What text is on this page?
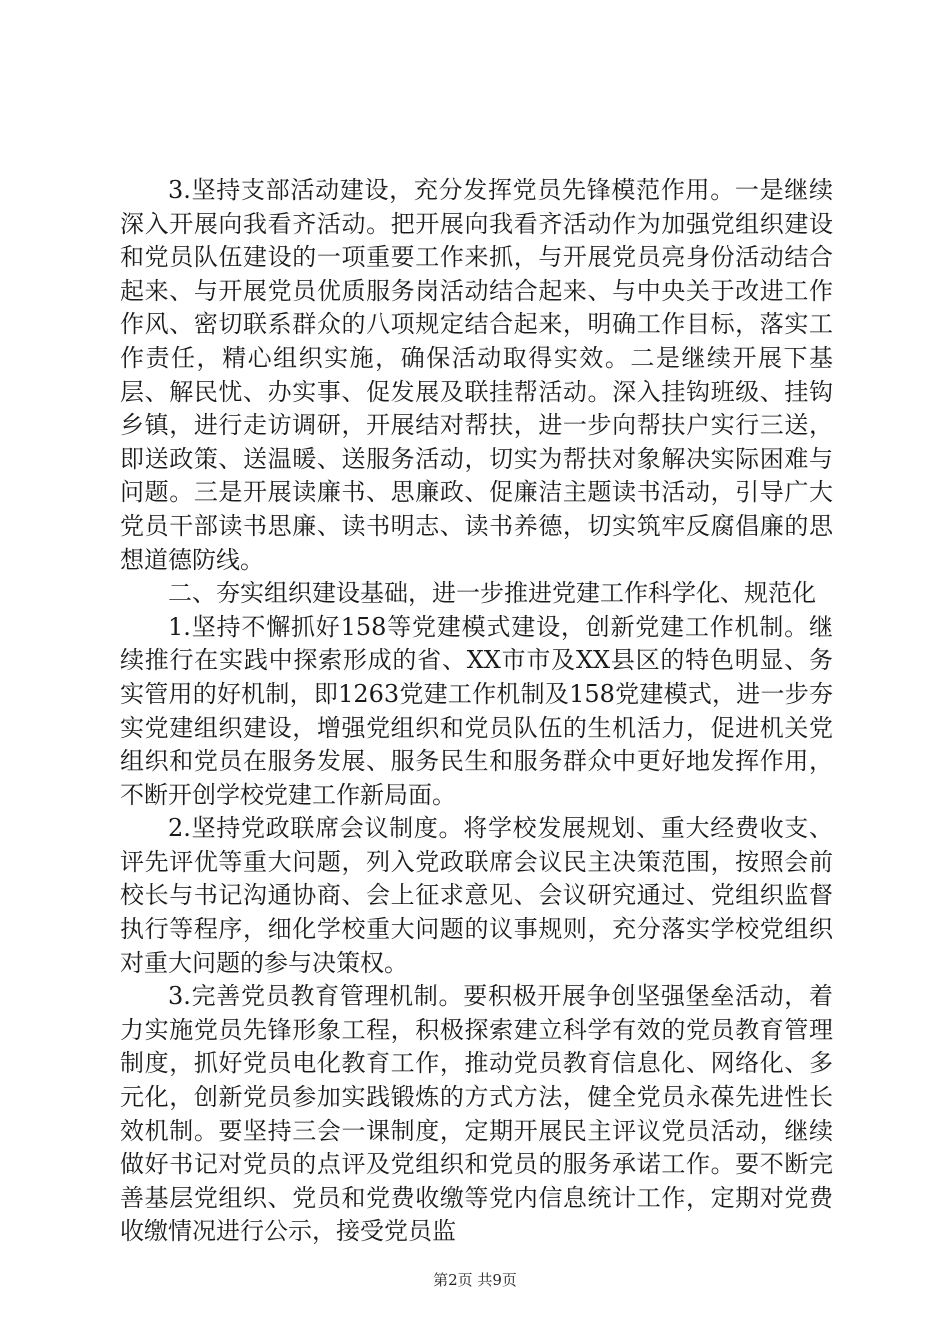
3.坚持支部活动建设，充分发挥党员先锋模范作用。一是继续深入开展向我看齐活动。把开展向我看齐活动作为加强党组织建设和党员队伍建设的一项重要工作来抓，与开展党员亮身份活动结合起来、与开展党员优质服务岗活动结合起来、与中央关于改进工作作风、密切联系群众的八项规定结合起来，明确工作目标，落实工作责任，精心组织实施，确保活动取得实效。二是继续开展下基层、解民忧、办实事、促发展及联挂帮活动。深入挂钩班级、挂钩乡镇，进行走访调研，开展结对帮扶，进一步向帮扶户实行三送，即送政策、送温暖、送服务活动，切实为帮扶对象解决实际困难与问题。三是开展读廉书、思廉政、促廉洁主题读书活动，引导广大党员干部读书思廉、读书明志、读书养德，切实筑牢反腐倡廉的思想道德防线。

二、夯实组织建设基础，进一步推进党建工作科学化、规范化

1.坚持不懈抓好158等党建模式建设，创新党建工作机制。继续推行在实践中探索形成的省、XX市市及XX县区的特色明显、务实管用的好机制，即1263党建工作机制及158党建模式，进一步夯实党建组织建设，增强党组织和党员队伍的生机活力，促进机关党组织和党员在服务发展、服务民生和服务群众中更好地发挥作用，不断开创学校党建工作新局面。

2.坚持党政联席会议制度。将学校发展规划、重大经费收支、评先评优等重大问题，列入党政联席会议民主决策范围，按照会前校长与书记沟通协商、会上征求意见、会议研究通过、党组织监督执行等程序，细化学校重大问题的议事规则，充分落实学校党组织对重大问题的参与决策权。

3.完善党员教育管理机制。要积极开展争创坚强堡垒活动，着力实施党员先锋形象工程，积极探索建立科学有效的党员教育管理制度，抓好党员电化教育工作，推动党员教育信息化、网络化、多元化，创新党员参加实践锻炼的方式方法，健全党员永葆先进性长效机制。要坚持三会一课制度，定期开展民主评议党员活动，继续做好书记对党员的点评及党组织和党员的服务承诺工作。要不断完善基层党组织、党员和党费收缴等党内信息统计工作，定期对党费收缴情况进行公示，接受党员监

第2页 共9页
